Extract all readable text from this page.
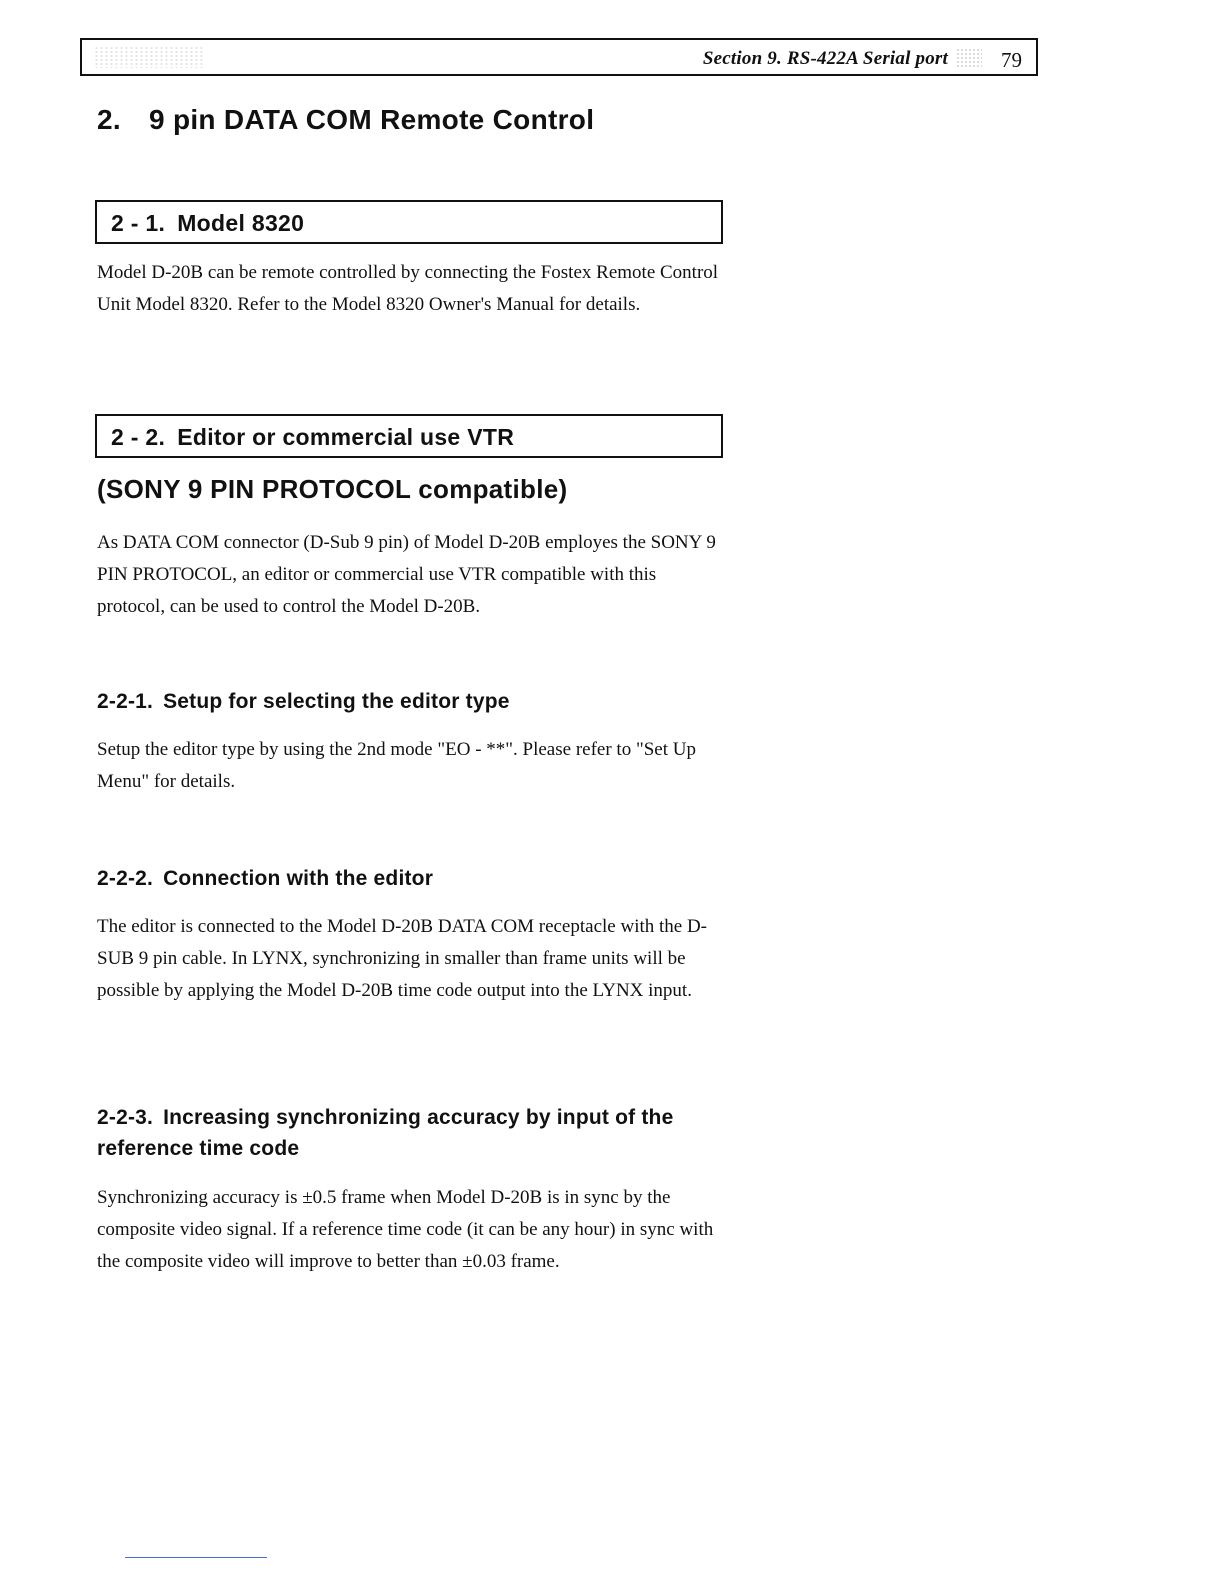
Section 9. RS-422A Serial port	79
2. 9 pin DATA COM Remote Control
2 - 1. Model 8320

Model D-20B can be remote controlled by connecting the Fostex Remote Control Unit Model 8320. Refer to the Model 8320 Owner's Manual for details.

2 - 2. Editor or commercial use VTR
(SONY 9 PIN PROTOCOL compatible)

As DATA COM connector (D-Sub 9 pin) of Model D-20B employes the SONY 9 PIN PROTOCOL, an editor or commercial use VTR compatible with this protocol, can be used to control the Model D-20B.

2-2-1. Setup for selecting the editor type

Setup the editor type by using the 2nd mode "EO - **". Please refer to "Set Up Menu" for details.

2-2-2. Connection with the editor

The editor is connected to the Model D-20B DATA COM receptacle with the D-SUB 9 pin cable. In LYNX, synchronizing in smaller than frame units will be possible by applying the Model D-20B time code output into the LYNX input.

2-2-3. Increasing synchronizing accuracy by input of the reference time code

Synchronizing accuracy is ±0.5 frame when Model D-20B is in sync by the composite video signal. If a reference time code (it can be any hour) in sync with the composite video will improve to better than ±0.03 frame.
